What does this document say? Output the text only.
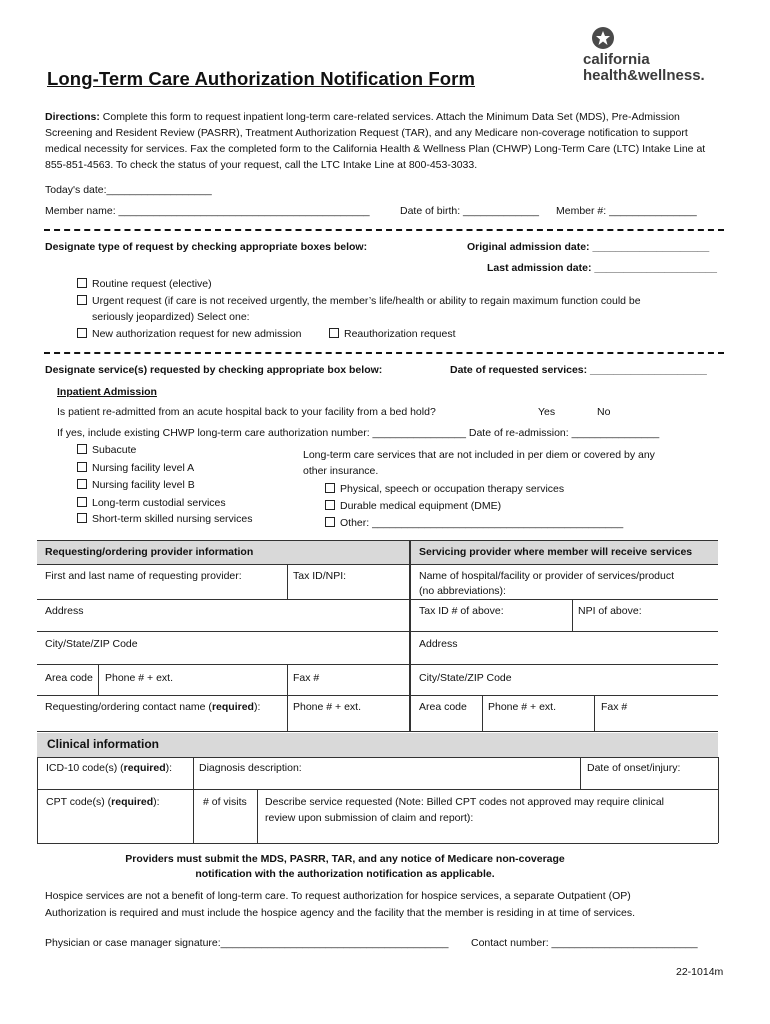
california
health&wellness.
Long-Term Care Authorization Notification Form
Directions: Complete this form to request inpatient long-term care-related services. Attach the Minimum Data Set (MDS), Pre-Admission Screening and Resident Review (PASRR), Treatment Authorization Request (TAR), and any Medicare non-coverage notification to support medical necessity for services. Fax the completed form to the California Health & Wellness Plan (CHWP) Long-Term Care (LTC) Intake Line at 855-851-4563. To check the status of your request, call the LTC Intake Line at 800-453-3033.
Today's date:__________________
Member name: ___________________________________________	Date of birth: _____________ Member #: _______________
Designate type of request by checking appropriate boxes below:	Original admission date: ____________________
Last admission date: _____________________
Routine request (elective)
Urgent request (if care is not received urgently, the member’s life/health or ability to regain maximum function could be
seriously jeopardized) Select one:
New authorization request for new admission	Reauthorization request
Designate service(s) requested by checking appropriate box below:	Date of requested services: ____________________
Inpatient Admission
Is patient re-admitted from an acute hospital back to your facility from a bed hold?	Yes	No
If yes, include existing CHWP long-term care authorization number: ________________ Date of re-admission: _______________
Subacute
Nursing facility level A
Nursing facility level B
Long-term custodial services
Short-term skilled nursing services
Long-term care services that are not included in per diem or covered by any
other insurance.
Physical, speech or occupation therapy services
Durable medical equipment (DME)
Other: ___________________________________________
Requesting/ordering provider information	Servicing provider where member will receive services
First and last name of requesting provider:	Tax ID/NPI:	Name of hospital/facility or provider of services/product
(no abbreviations):
Address	Tax ID # of above:	NPI of above:
City/State/ZIP Code	Address
Area code Phone # + ext.	Fax #	City/State/ZIP Code
Requesting/ordering contact name (required):	Phone # + ext.	Area code Phone # + ext.	Fax #
Clinical information
ICD-10 code(s) (required):	Diagnosis description:	Date of onset/injury:
CPT code(s) (required):	# of visits Describe service requested (Note: Billed CPT codes not approved may require clinical
review upon submission of claim and report):
Providers must submit the MDS, PASRR, TAR, and any notice of Medicare non-coverage
notification with the authorization notification as applicable.
Hospice services are not a benefit of long-term care. To request authorization for hospice services, a separate Outpatient (OP)
Authorization is required and must include the hospice agency and the facility that the member is residing in at time of services.
Physician or case manager signature:_______________________________________ Contact number: _________________________
22-1014m
